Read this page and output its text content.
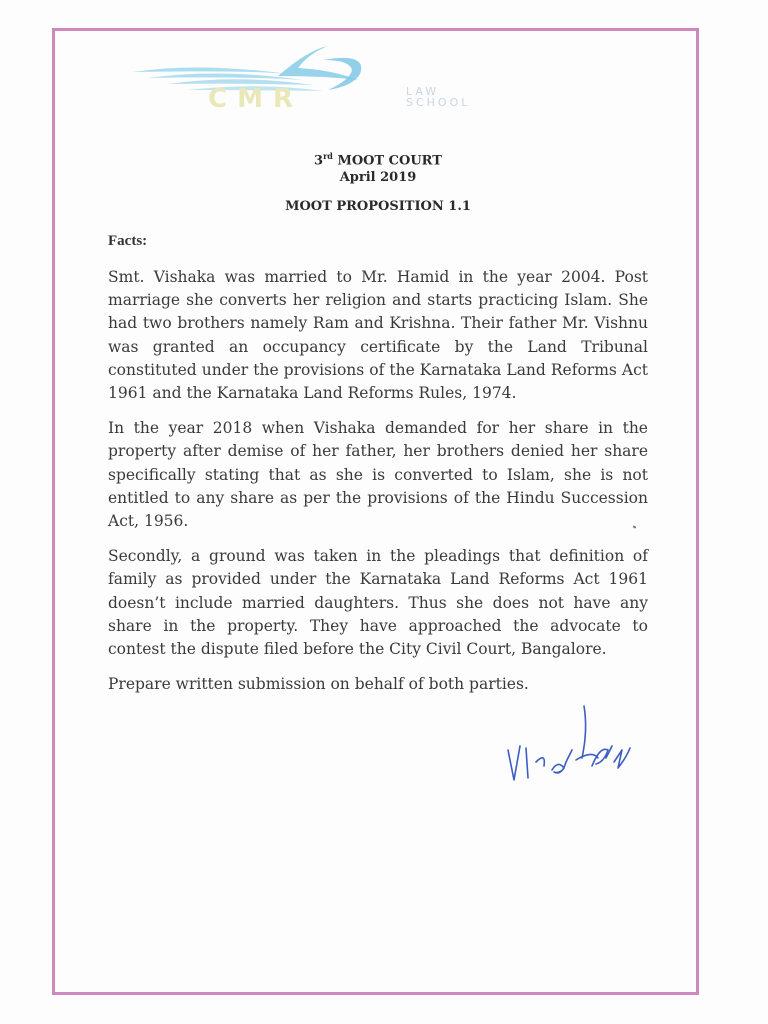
CMR	LAW
SCHOOL

3rd MOOT COURT
April 2019

MOOT PROPOSITION 1.1

Facts:

Smt. Vishaka was married to Mr. Hamid in the year 2004. Post marriage she converts her religion and starts practicing Islam. She had two brothers namely Ram and Krishna. Their father Mr. Vishnu was granted an occupancy certificate by the Land Tribunal constituted under the provisions of the Karnataka Land Reforms Act 1961 and the Karnataka Land Reforms Rules, 1974.

In the year 2018 when Vishaka demanded for her share in the property after demise of her father, her brothers denied her share specifically stating that as she is converted to Islam, she is not entitled to any share as per the provisions of the Hindu Succession Act, 1956.

Secondly, a ground was taken in the pleadings that definition of family as provided under the Karnataka Land Reforms Act 1961 doesn’t include married daughters. Thus she does not have any share in the property. They have approached the advocate to contest the dispute filed before the City Civil Court, Bangalore.

Prepare written submission on behalf of both parties.
